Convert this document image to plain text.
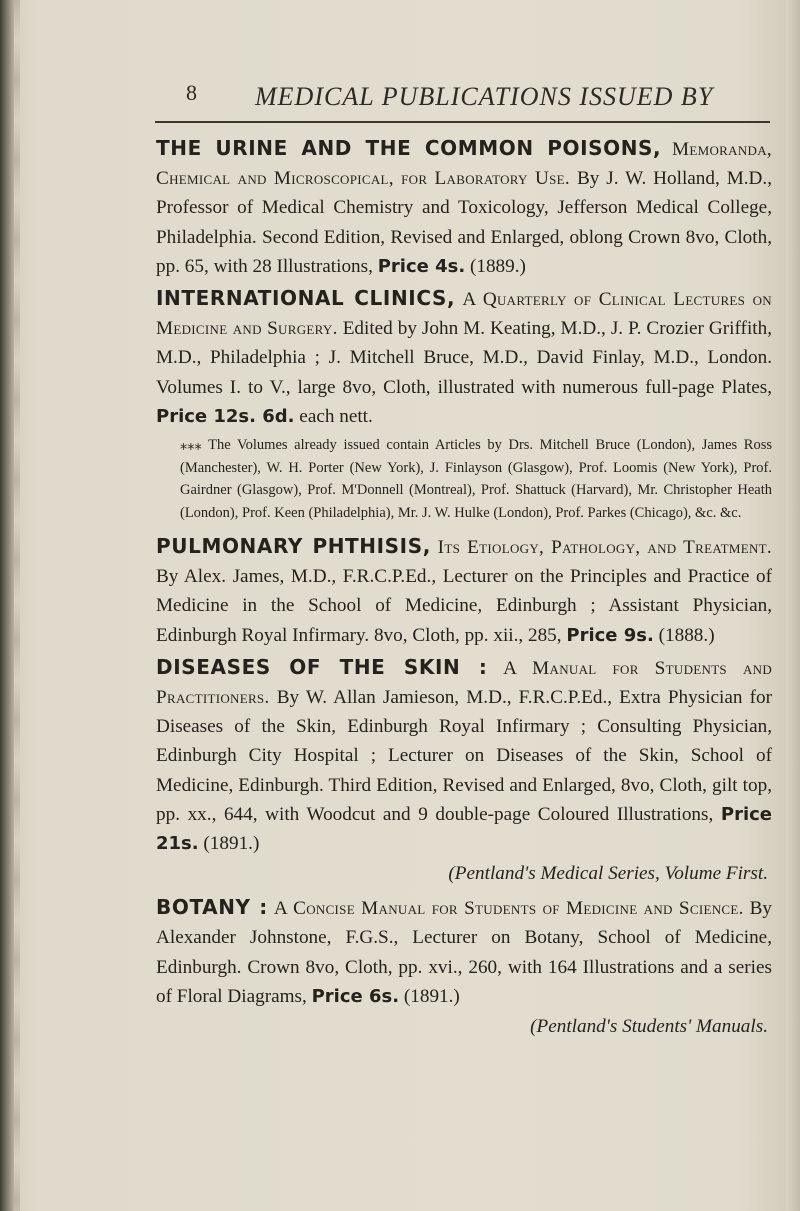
8	MEDICAL PUBLICATIONS ISSUED BY
THE URINE AND THE COMMON POISONS, Memoranda, Chemical and Microscopical, for Laboratory Use. By J. W. Holland, M.D., Professor of Medical Chemistry and Toxicology, Jefferson Medical College, Philadelphia. Second Edition, Revised and Enlarged, oblong Crown 8vo, Cloth, pp. 65, with 28 Illustrations, Price 4s. (1889.)
INTERNATIONAL CLINICS, A Quarterly of Clinical Lectures on Medicine and Surgery. Edited by John M. Keating, M.D., J. P. Crozier Griffith, M.D., Philadelphia ; J. Mitchell Bruce, M.D., David Finlay, M.D., London. Volumes I. to V., large 8vo, Cloth, illustrated with numerous full-page Plates, Price 12s. 6d. each nett.
⁎⁎⁎ The Volumes already issued contain Articles by Drs. Mitchell Bruce (London), James Ross (Manchester), W. H. Porter (New York), J. Finlayson (Glasgow), Prof. Loomis (New York), Prof. Gairdner (Glasgow), Prof. M'Donnell (Montreal), Prof. Shattuck (Harvard), Mr. Christopher Heath (London), Prof. Keen (Philadelphia), Mr. J. W. Hulke (London), Prof. Parkes (Chicago), &c. &c.
PULMONARY PHTHISIS, Its Etiology, Pathology, and Treatment. By Alex. James, M.D., F.R.C.P.Ed., Lecturer on the Principles and Practice of Medicine in the School of Medicine, Edinburgh ; Assistant Physician, Edinburgh Royal Infirmary. 8vo, Cloth, pp. xii., 285, Price 9s. (1888.)
DISEASES OF THE SKIN : A Manual for Students and Practitioners. By W. Allan Jamieson, M.D., F.R.C.P.Ed., Extra Physician for Diseases of the Skin, Edinburgh Royal Infirmary ; Consulting Physician, Edinburgh City Hospital ; Lecturer on Diseases of the Skin, School of Medicine, Edinburgh. Third Edition, Revised and Enlarged, 8vo, Cloth, gilt top, pp. xx., 644, with Woodcut and 9 double-page Coloured Illustrations, Price 21s. (1891.)
(Pentland's Medical Series, Volume First.
BOTANY : A Concise Manual for Students of Medicine and Science. By Alexander Johnstone, F.G.S., Lecturer on Botany, School of Medicine, Edinburgh. Crown 8vo, Cloth, pp. xvi., 260, with 164 Illustrations and a series of Floral Diagrams, Price 6s. (1891.)
(Pentland's Students' Manuals.
